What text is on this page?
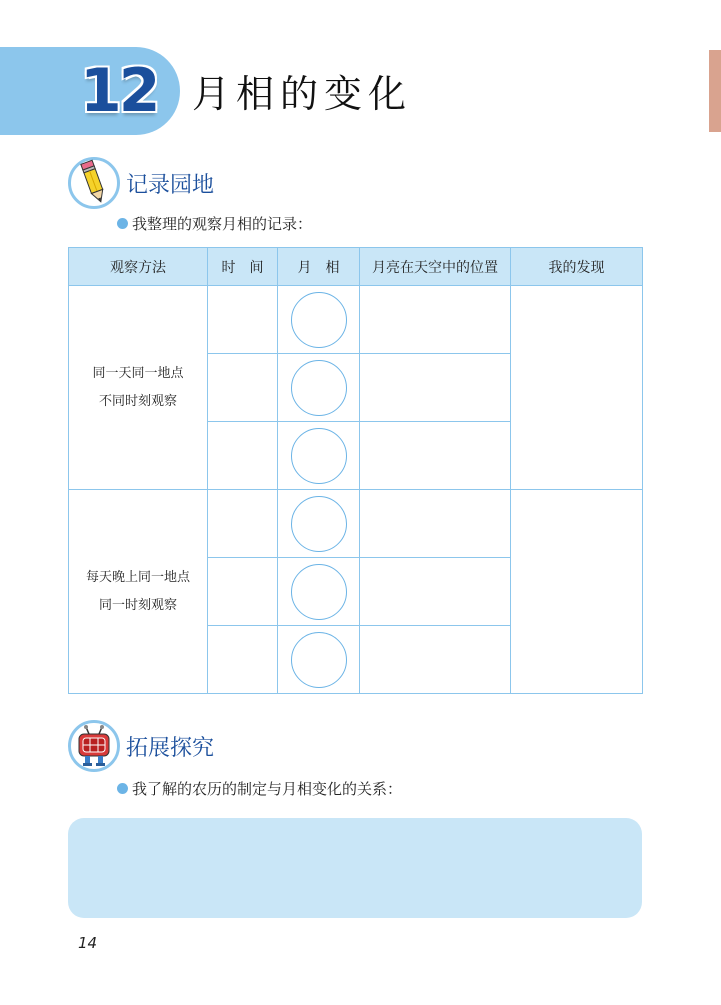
12 月相的变化
记录园地
我整理的观察月相的记录：
观察方法	时　间	月　相	月亮在天空中的位置	我的发现

同一天同一地点
不同时刻观察				

每天晚上同一地点
同一时刻观察				

拓展探究
我了解的农历的制定与月相变化的关系：
14
